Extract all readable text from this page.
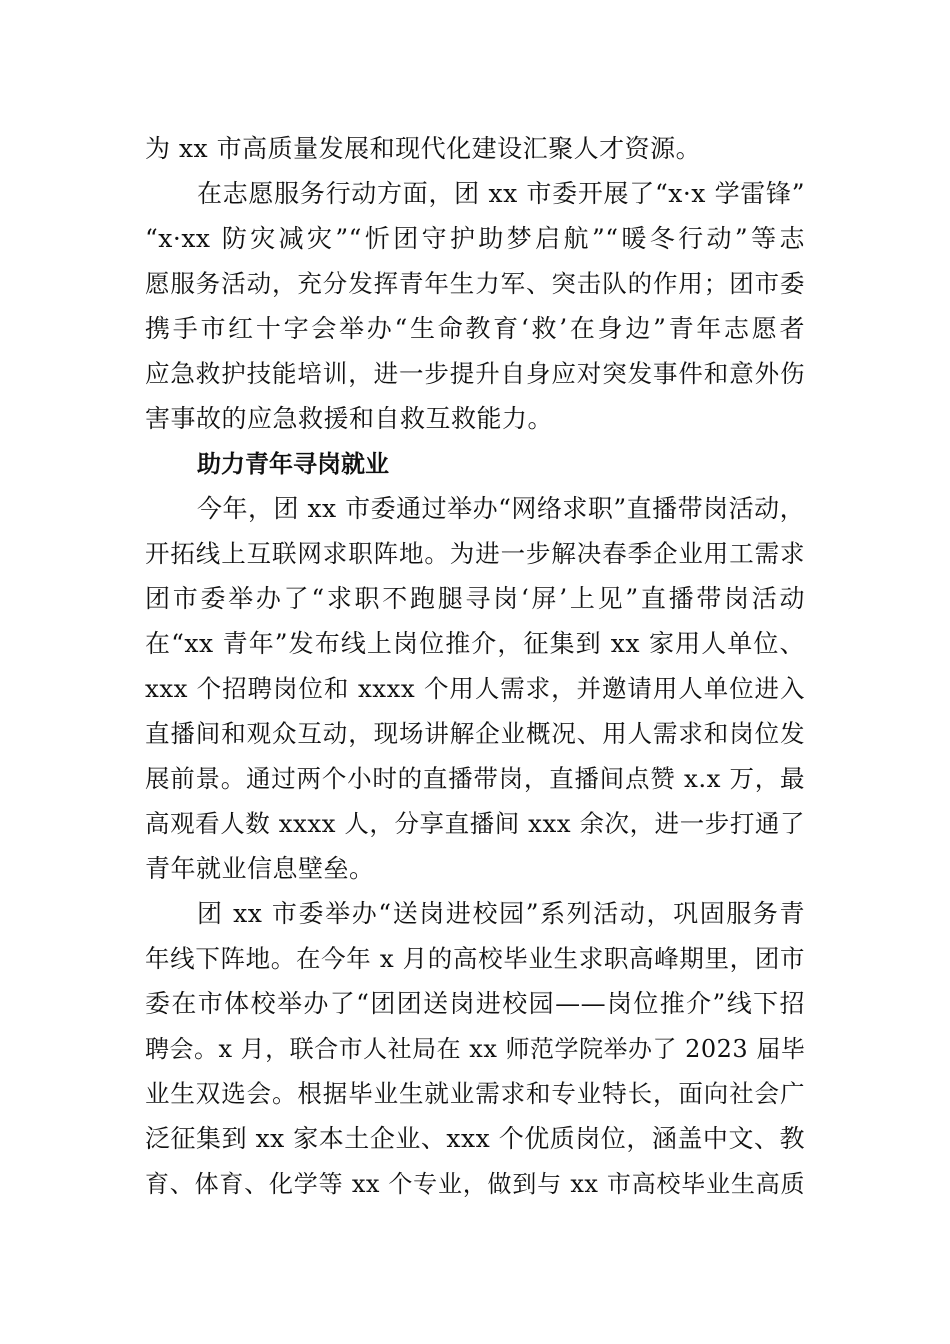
为 xx 市高质量发展和现代化建设汇聚人才资源。
在志愿服务行动方面，团 xx 市委开展了“x·x 学雷锋”
“x·xx 防灾减灾”“忻团守护助梦启航”“暖冬行动”等志
愿服务活动，充分发挥青年生力军、突击队的作用；团市委
携手市红十字会举办“生命教育‘救’在身边”青年志愿者
应急救护技能培训，进一步提升自身应对突发事件和意外伤
害事故的应急救援和自救互救能力。
助力青年寻岗就业
今年，团 xx 市委通过举办“网络求职”直播带岗活动，
开拓线上互联网求职阵地。为进一步解决春季企业用工需求
团市委举办了“求职不跑腿寻岗‘屏’上见”直播带岗活动
在“xx 青年”发布线上岗位推介，征集到 xx 家用人单位、
xxx 个招聘岗位和 xxxx 个用人需求，并邀请用人单位进入
直播间和观众互动，现场讲解企业概况、用人需求和岗位发
展前景。通过两个小时的直播带岗，直播间点赞 x.x 万，最
高观看人数 xxxx 人，分享直播间 xxx 余次，进一步打通了
青年就业信息壁垒。
团 xx 市委举办“送岗进校园”系列活动，巩固服务青
年线下阵地。在今年 x 月的高校毕业生求职高峰期里，团市
委在市体校举办了“团团送岗进校园——岗位推介”线下招
聘会。x 月，联合市人社局在 xx 师范学院举办了 2023 届毕
业生双选会。根据毕业生就业需求和专业特长，面向社会广
泛征集到 xx 家本土企业、xxx 个优质岗位，涵盖中文、教
育、体育、化学等 xx 个专业，做到与 xx 市高校毕业生高质
